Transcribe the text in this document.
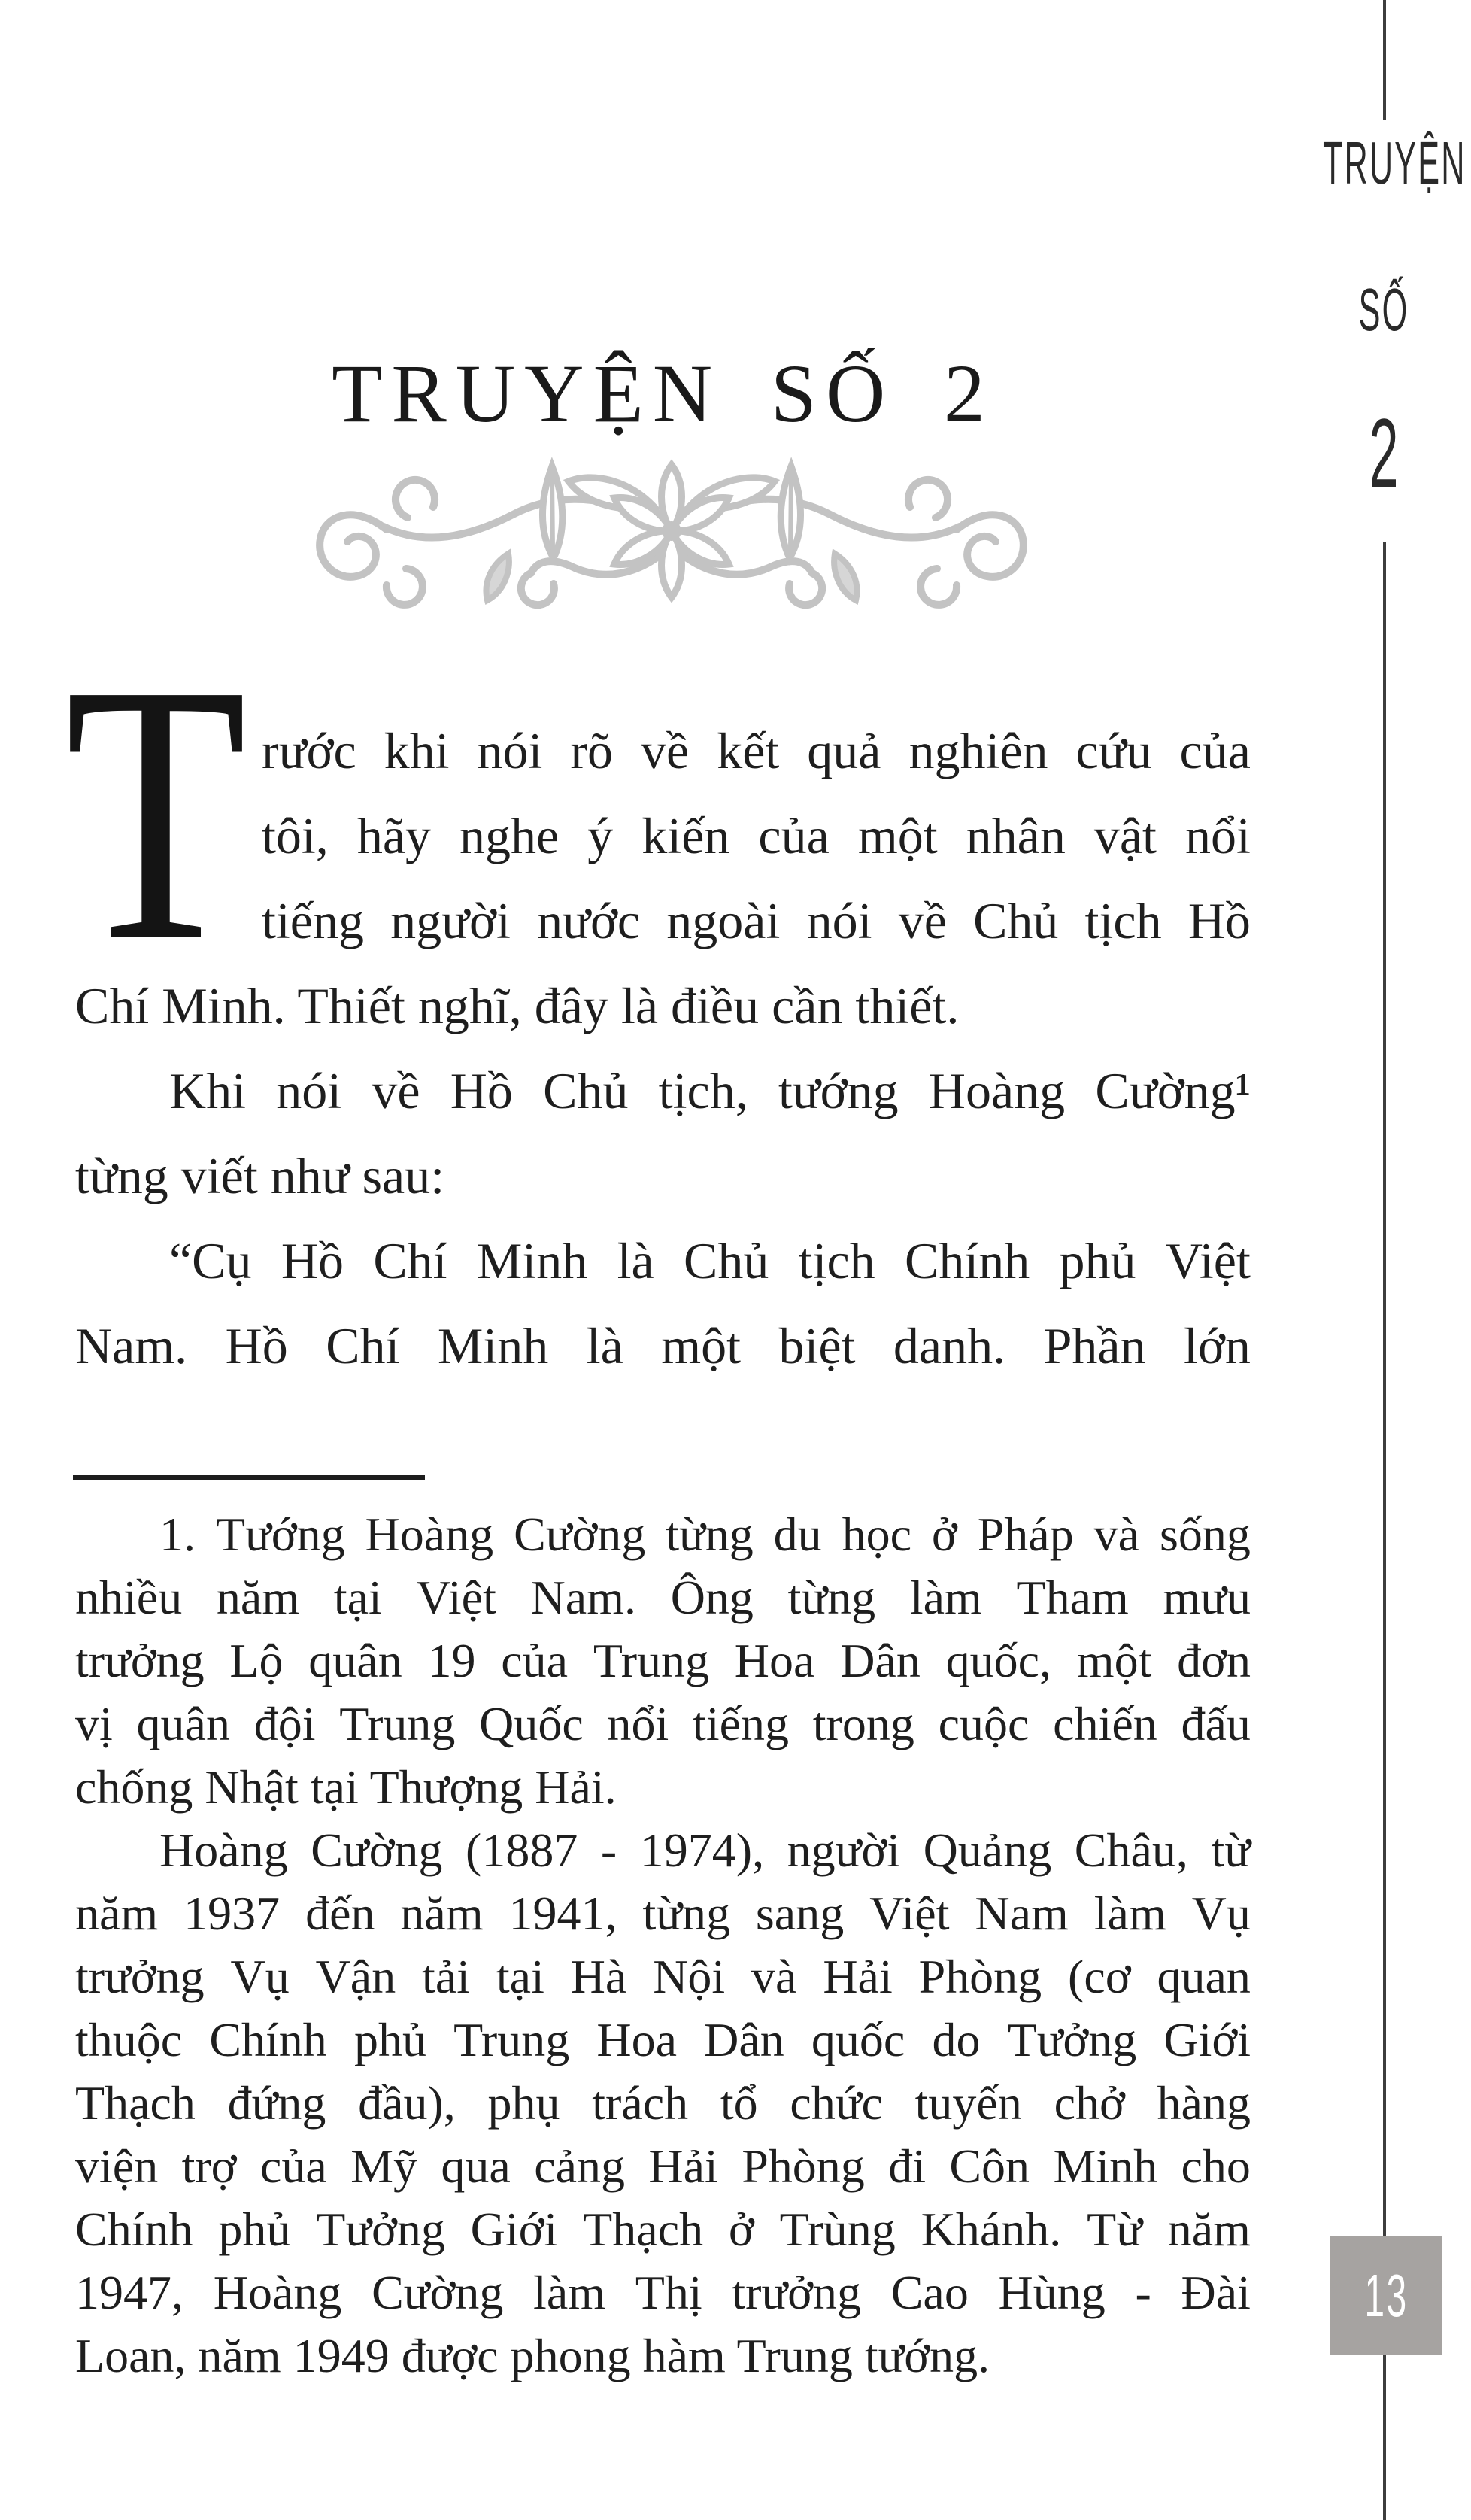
TRUYỆN SỐ 2
T rước khi nói rõ về kết quả nghiên cứu của
tôi, hãy nghe ý kiến của một nhân vật nổi
tiếng người nước ngoài nói về Chủ tịch Hồ
Chí Minh. Thiết nghĩ, đây là điều cần thiết.
Khi nói về Hồ Chủ tịch, tướng Hoàng Cường¹
từng viết như sau:
“Cụ Hồ Chí Minh là Chủ tịch Chính phủ Việt
Nam. Hồ Chí Minh là một biệt danh. Phần lớn
1. Tướng Hoàng Cường từng du học ở Pháp và sống
nhiều năm tại Việt Nam. Ông từng làm Tham mưu
trưởng Lộ quân 19 của Trung Hoa Dân quốc, một đơn
vị quân đội Trung Quốc nổi tiếng trong cuộc chiến đấu
chống Nhật tại Thượng Hải.
Hoàng Cường (1887 - 1974), người Quảng Châu, từ
năm 1937 đến năm 1941, từng sang Việt Nam làm Vụ
trưởng Vụ Vận tải tại Hà Nội và Hải Phòng (cơ quan
thuộc Chính phủ Trung Hoa Dân quốc do Tưởng Giới
Thạch đứng đầu), phụ trách tổ chức tuyến chở hàng
viện trợ của Mỹ qua cảng Hải Phòng đi Côn Minh cho
Chính phủ Tưởng Giới Thạch ở Trùng Khánh. Từ năm
1947, Hoàng Cường làm Thị trưởng Cao Hùng - Đài
Loan, năm 1949 được phong hàm Trung tướng.
TRUYỆN
SỐ
2
13
